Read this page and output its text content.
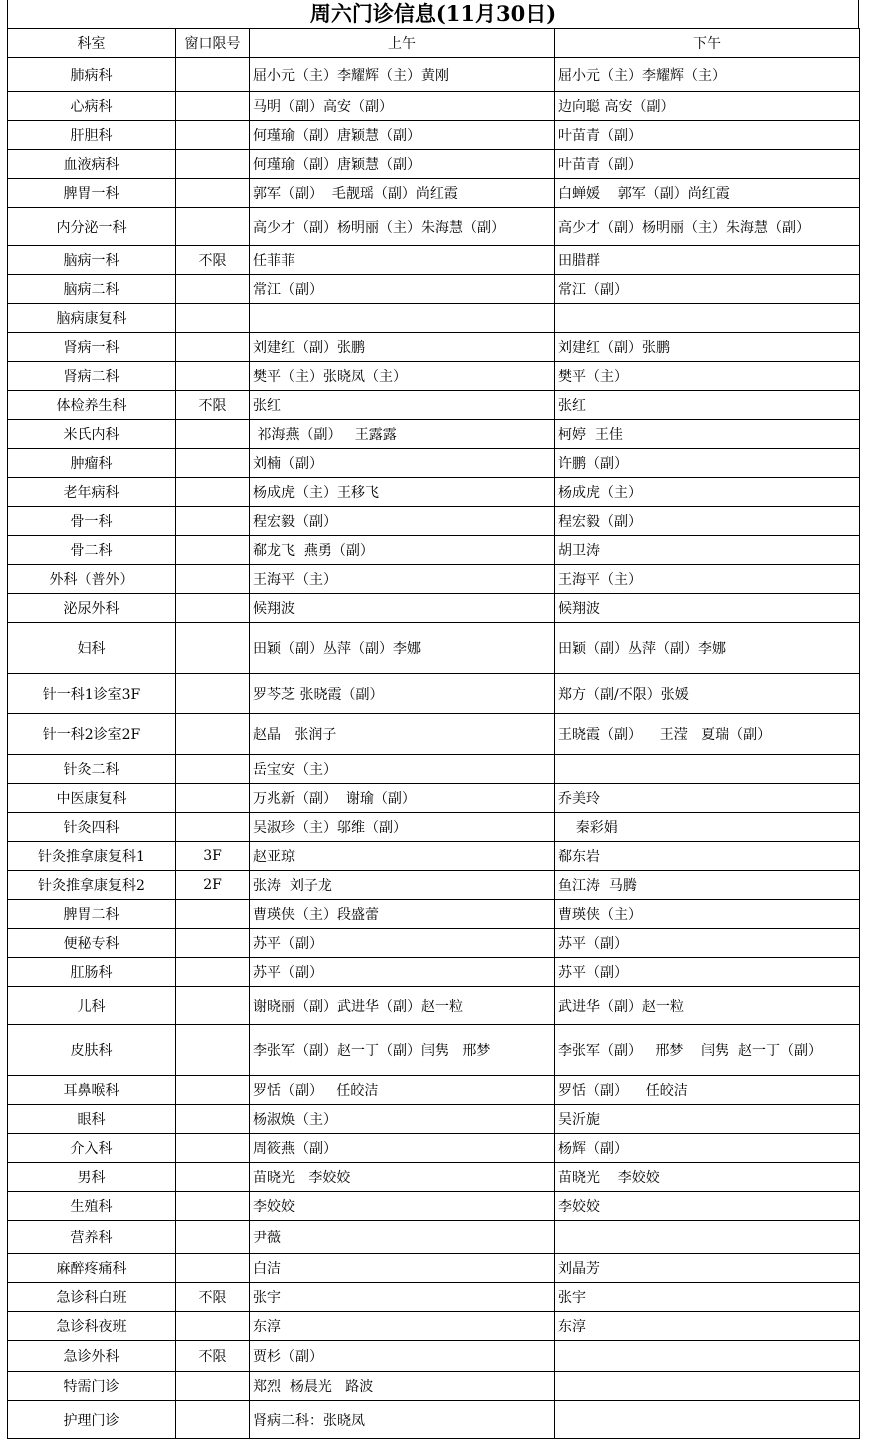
周六门诊信息(11月30日)
科室	窗口限号	上午	下午
肺病科		屈小元（主）李耀辉（主）黄刚	屈小元（主）李耀辉（主）
心病科		马明（副）高安（副）	边向聪 高安（副）
肝胆科		何瑾瑜（副）唐颖慧（副）	叶苗青（副）
血液病科		何瑾瑜（副）唐颖慧（副）	叶苗青（副）
脾胃一科		郭军（副）  毛靓瑶（副）尚红霞	白蝉媛    郭军（副）尚红霞
内分泌一科		高少才（副）杨明丽（主）朱海慧（副）	高少才（副）杨明丽（主）朱海慧（副）
脑病一科	不限	任菲菲	田腊群
脑病二科		常江（副）	常江（副）
脑病康复科			
肾病一科		刘建红（副）张鹏	刘建红（副）张鹏
肾病二科		樊平（主）张晓凤（主）	樊平（主）
体检养生科	不限	张红	张红
米氏内科		祁海燕（副）   王露露	柯婷  王佳
肿瘤科		刘楠（副）	许鹏（副）
老年病科		杨成虎（主）王移飞	杨成虎（主）
骨一科		程宏毅（副）	程宏毅（副）
骨二科		郗龙飞  燕勇（副）	胡卫涛
外科（普外）		王海平（主）	王海平（主）
泌尿外科		候翔波	候翔波
妇科		田颖（副）丛萍（副）李娜	田颖（副）丛萍（副）李娜
针一科1诊室3F		罗芩芝 张晓霞（副）	郑方（副/不限）张媛
针一科2诊室2F		赵晶   张润子	王晓霞（副）    王滢   夏瑞（副）
针灸二科		岳宝安（主）	
中医康复科		万兆新（副）  谢瑜（副）	乔美玲
针灸四科		吴淑珍（主）邬维（副）	秦彩娟
针灸推拿康复科1	3F	赵亚琼	郗东岩
针灸推拿康复科2	2F	张涛  刘子龙	鱼江涛  马腾
脾胃二科		曹瑛侠（主）段盛蕾	曹瑛侠（主）
便秘专科		苏平（副）	苏平（副）
肛肠科		苏平（副）	苏平（副）
儿科		谢晓丽（副）武进华（副）赵一粒	武进华（副）赵一粒
皮肤科		李张军（副）赵一丁（副）闫隽   邢梦	李张军（副）   邢梦    闫隽  赵一丁（副）
耳鼻喉科		罗恬（副）   任皎洁	罗恬（副）    任皎洁
眼科		杨淑焕（主）	吴沂旎
介入科		周筱燕（副）	杨辉（副）
男科		苗晓光   李姣姣	苗晓光    李姣姣
生殖科		李姣姣	李姣姣
营养科		尹薇	
麻醉疼痛科		白洁	刘晶芳
急诊科白班	不限	张宇	张宇
急诊科夜班		东淳	东淳
急诊外科	不限	贾杉（副）	
特需门诊		郑烈  杨晨光   路波	
护理门诊		肾病二科：张晓凤	
